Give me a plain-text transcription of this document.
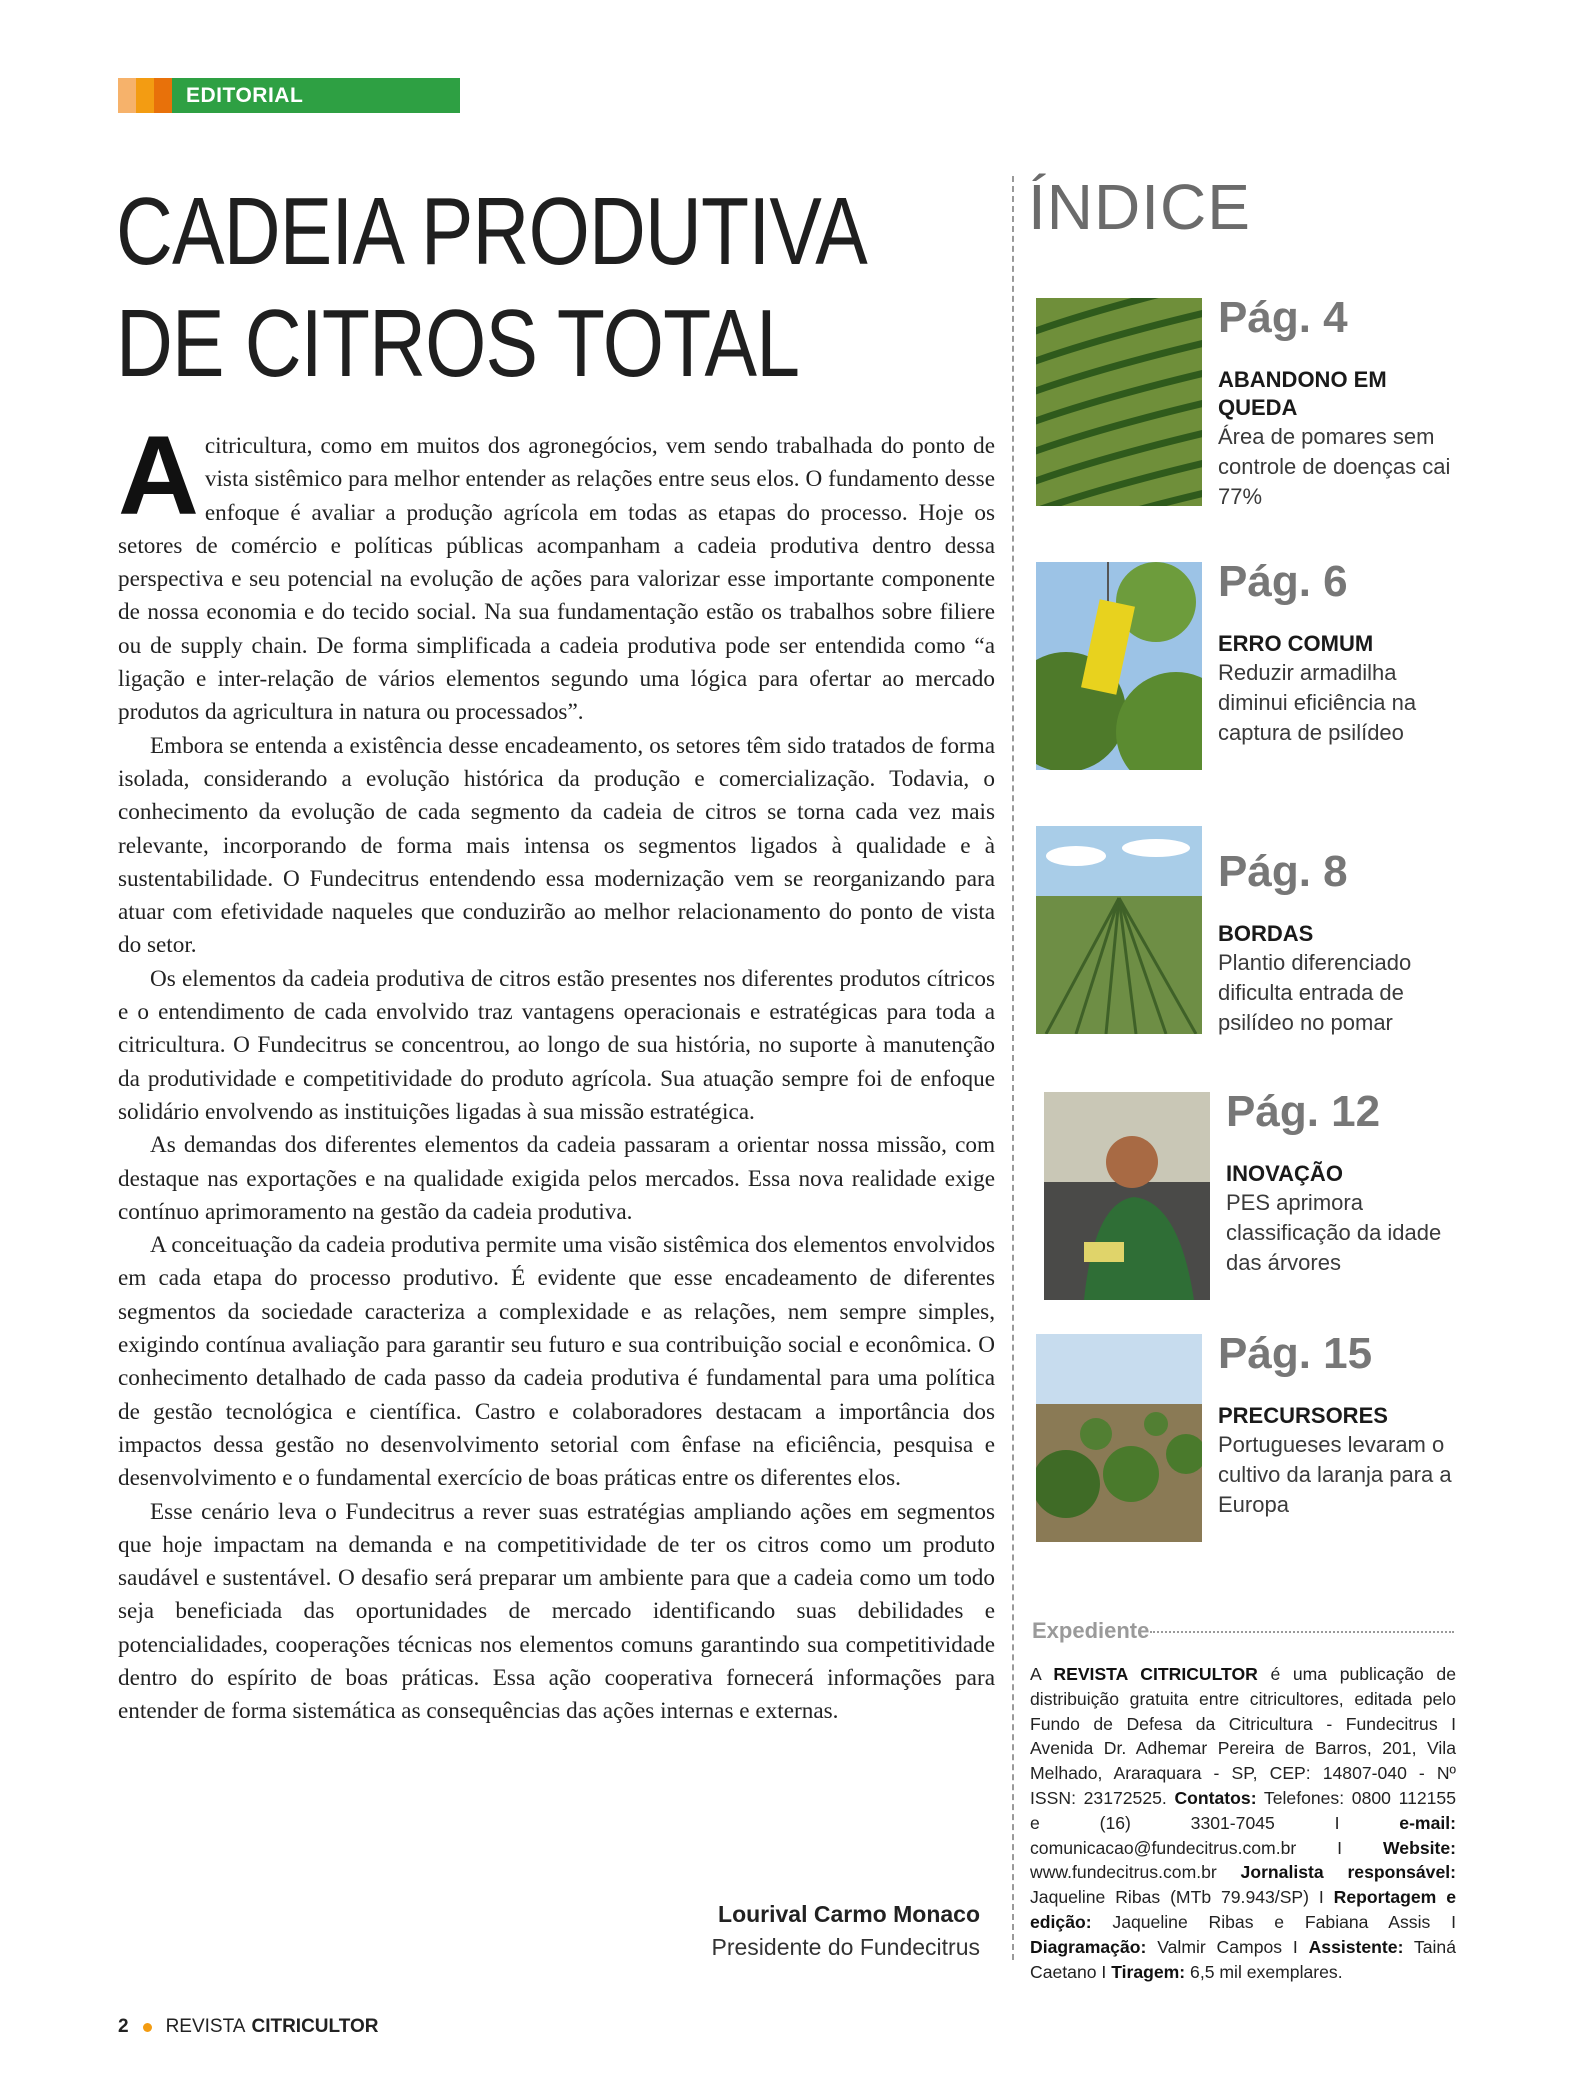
EDITORIAL
CADEIA PRODUTIVA
DE CITROS TOTAL

A citricultura, como em muitos dos agronegócios, vem sendo trabalhada do ponto de vista sistêmico para melhor entender as relações entre seus elos. O fundamento desse enfoque é avaliar a produção agrícola em todas as etapas do processo. Hoje os setores de comércio e políticas públicas acompanham a cadeia produtiva dentro dessa perspectiva e seu potencial na evolução de ações para valorizar esse importante componente de nossa economia e do tecido social. Na sua fundamentação estão os trabalhos sobre filiere ou de supply chain. De forma simplificada a cadeia produtiva pode ser entendida como “a ligação e inter-relação de vários elementos segundo uma lógica para ofertar ao mercado produtos da agricultura in natura ou processados”.

Embora se entenda a existência desse encadeamento, os setores têm sido tratados de forma isolada, considerando a evolução histórica da produção e comercialização. Todavia, o conhecimento da evolução de cada segmento da cadeia de citros se torna cada vez mais relevante, incorporando de forma mais intensa os segmentos ligados à qualidade e à sustentabilidade. O Fundecitrus entendendo essa modernização vem se reorganizando para atuar com efetividade naqueles que conduzirão ao melhor relacionamento do ponto de vista do setor.

Os elementos da cadeia produtiva de citros estão presentes nos diferentes produtos cítricos e o entendimento de cada envolvido traz vantagens operacionais e estratégicas para toda a citricultura. O Fundecitrus se concentrou, ao longo de sua história, no suporte à manutenção da produtividade e competitividade do produto agrícola. Sua atuação sempre foi de enfoque solidário envolvendo as instituições ligadas à sua missão estratégica.

As demandas dos diferentes elementos da cadeia passaram a orientar nossa missão, com destaque nas exportações e na qualidade exigida pelos mercados. Essa nova realidade exige contínuo aprimoramento na gestão da cadeia produtiva.

A conceituação da cadeia produtiva permite uma visão sistêmica dos elementos envolvidos em cada etapa do processo produtivo. É evidente que esse encadeamento de diferentes segmentos da sociedade caracteriza a complexidade e as relações, nem sempre simples, exigindo contínua avaliação para garantir seu futuro e sua contribuição social e econômica. O conhecimento detalhado de cada passo da cadeia produtiva é fundamental para uma política de gestão tecnológica e científica. Castro e colaboradores destacam a importância dos impactos dessa gestão no desenvolvimento setorial com ênfase na eficiência, pesquisa e desenvolvimento e o fundamental exercício de boas práticas entre os diferentes elos.

Esse cenário leva o Fundecitrus a rever suas estratégias ampliando ações em segmentos que hoje impactam na demanda e na competitividade de ter os citros como um produto saudável e sustentável. O desafio será preparar um ambiente para que a cadeia como um todo seja beneficiada das oportunidades de mercado identificando suas debilidades e potencialidades, cooperações técnicas nos elementos comuns garantindo sua competitividade dentro do espírito de boas práticas. Essa ação cooperativa fornecerá informações para entender de forma sistemática as consequências das ações internas e externas.

Lourival Carmo Monaco
Presidente do Fundecitrus
2 REVISTA CITRICULTOR
ÍNDICE
Pág. 4
ABANDONO EM QUEDA
Área de pomares sem controle de doenças cai 77%
Pág. 6
ERRO COMUM
Reduzir armadilha diminui eficiência na captura de psilídeo
Pág. 8
BORDAS
Plantio diferenciado dificulta entrada de psilídeo no pomar
Pág. 12
INOVAÇÃO
PES aprimora classificação da idade das árvores
Pág. 15
PRECURSORES
Portugueses levaram o cultivo da laranja para a Europa
Expediente
A REVISTA CITRICULTOR é uma publicação de distribuição gratuita entre citricultores, editada pelo Fundo de Defesa da Citricultura - Fundecitrus I Avenida Dr. Adhemar Pereira de Barros, 201, Vila Melhado, Araraquara - SP, CEP: 14807-040 - Nº ISSN: 23172525. Contatos: Telefones: 0800 112155 e (16) 3301-7045 I e-mail: comunicacao@fundecitrus.com.br I Website: www.fundecitrus.com.br Jornalista responsável: Jaqueline Ribas (MTb 79.943/SP) I Reportagem e edição: Jaqueline Ribas e Fabiana Assis I Diagramação: Valmir Campos I Assistente: Tainá Caetano I Tiragem: 6,5 mil exemplares.
